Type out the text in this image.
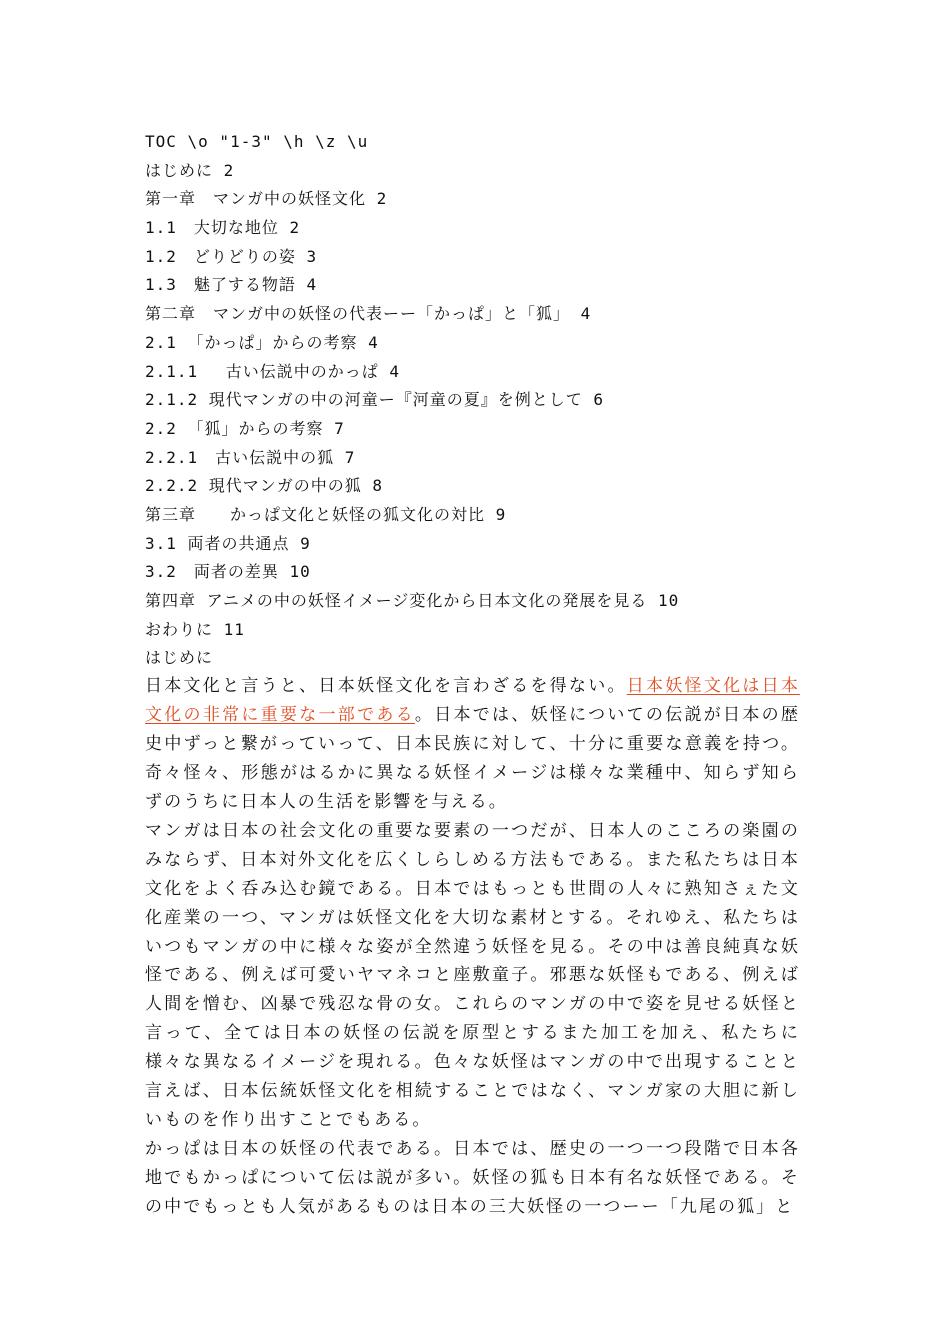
TOC \o "1-3" \h \z \u
はじめに 2
第一章　マンガ中の妖怪文化 2
1.1　大切な地位 2
1.2　どりどりの姿 3
1.3　魅了する物語 4
第二章　マンガ中の妖怪の代表ーー「かっぱ」と「狐」 4
2.1 「かっぱ」からの考察 4
2.1.1 　古い伝説中のかっぱ 4
2.1.2 現代マンガの中の河童ー『河童の夏』を例として 6
2.2 「狐」からの考察 7
2.2.1　古い伝説中の狐 7
2.2.2 現代マンガの中の狐 8
第三章　　かっぱ文化と妖怪の狐文化の対比 9
3.1 両者の共通点 9
3.2　両者の差異 10
第四章 アニメの中の妖怪イメージ変化から日本文化の発展を見る 10
おわりに 11
はじめに

日本文化と言うと、日本妖怪文化を言わざるを得ない。日本妖怪文化は日本文化の非常に重要な一部である。日本では、妖怪についての伝説が日本の歴史中ずっと繋がっていって、日本民族に対して、十分に重要な意義を持つ。奇々怪々、形態がはるかに異なる妖怪イメージは様々な業種中、知らず知らずのうちに日本人の生活を影響を与える。

マンガは日本の社会文化の重要な要素の一つだが、日本人のこころの楽園のみならず、日本対外文化を広くしらしめる方法もである。また私たちは日本文化をよく呑み込む鏡である。日本ではもっとも世間の人々に熟知さぇた文化産業の一つ、マンガは妖怪文化を大切な素材とする。それゆえ、私たちはいつもマンガの中に様々な姿が全然違う妖怪を見る。その中は善良純真な妖怪である、例えば可愛いヤマネコと座敷童子。邪悪な妖怪もである、例えば人間を憎む、凶暴で残忍な骨の女。これらのマンガの中で姿を見せる妖怪と言って、全ては日本の妖怪の伝説を原型とするまた加工を加え、私たちに様々な異なるイメージを現れる。色々な妖怪はマンガの中で出現することと言えば、日本伝統妖怪文化を相続することではなく、マンガ家の大胆に新しいものを作り出すことでもある。

かっぱは日本の妖怪の代表である。日本では、歴史の一つ一つ段階で日本各地でもかっぱについて伝は説が多い。妖怪の狐も日本有名な妖怪である。その中でもっとも人気があるものは日本の三大妖怪の一つーー「九尾の狐」と
